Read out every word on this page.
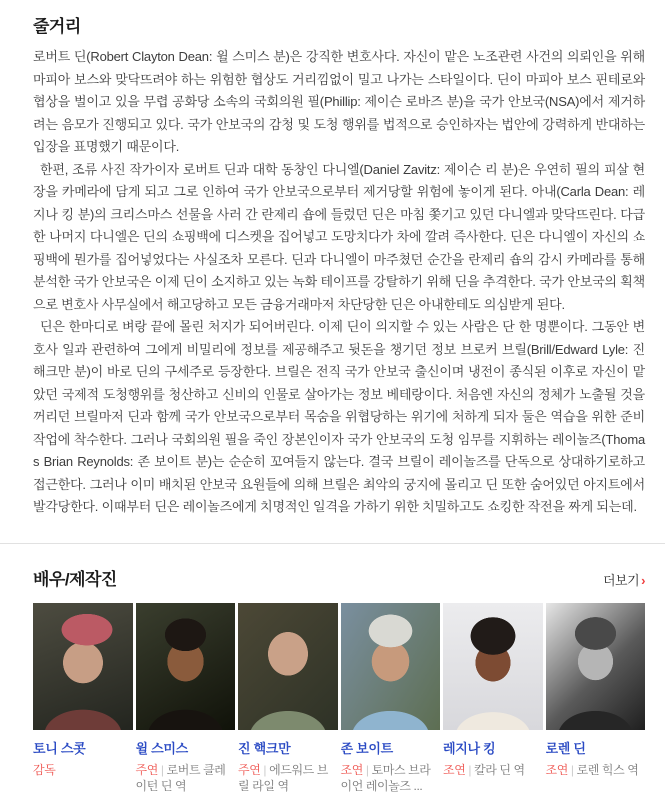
줄거리

로버트 딘(Robert Clayton Dean: 윌 스미스 분)은 강직한 변호사다. 자신이 맡은 노조관련 사건의 의뢰인을 위해 마피아 보스와 맞닥뜨려야 하는 위험한 협상도 거리낌없이 밀고 나가는 스타일이다. 딘이 마피아 보스 핀테로와 협상을 벌이고 있을 무렵 공화당 소속의 국회의원 필(Phillip: 제이슨 로바즈 분)을 국가 안보국(NSA)에서 제거하려는 음모가 진행되고 있다. 국가 안보국의 감청 및 도청 행위를 법적으로 승인하자는 법안에 강력하게 반대하는 입장을 표명했기 때문이다.

한편, 조류 사진 작가이자 로버트 딘과 대학 동창인 다니엘(Daniel Zavitz: 제이슨 리 분)은 우연히 필의 피살 현장을 카메라에 담게 되고 그로 인하여 국가 안보국으로부터 제거당할 위험에 놓이게 된다. 아내(Carla Dean: 레지나 킹 분)의 크리스마스 선물을 사러 간 란제리 숍에 들렀던 딘은 마침 쫓기고 있던 다니엘과 맞닥뜨린다. 다급한 나머지 다니엘은 딘의 쇼핑백에 디스켓을 집어넣고 도망치다가 차에 깔려 즉사한다. 딘은 다니엘이 자신의 쇼핑백에 뭔가를 집어넣었다는 사실조차 모른다. 딘과 다니엘이 마주쳤던 순간을 란제리 숍의 감시 카메라를 통해 분석한 국가 안보국은 이제 딘이 소지하고 있는 녹화 테이프를 강탈하기 위해 딘을 추격한다. 국가 안보국의 획책으로 변호사 사무실에서 해고당하고 모든 금융거래마저 차단당한 딘은 아내한테도 의심받게 된다.

딘은 한마디로 벼랑 끝에 몰린 처지가 되어버린다. 이제 딘이 의지할 수 있는 사람은 단 한 명뿐이다. 그동안 변호사 일과 관련하여 그에게 비밀리에 정보를 제공해주고 뒷돈을 챙기던 정보 브로커 브릴(Brill/Edward Lyle: 진 해크만 분)이 바로 딘의 구세주로 등장한다. 브릴은 전직 국가 안보국 출신이며 냉전이 종식된 이후로 자신이 맡았던 국제적 도청행위를 청산하고 신비의 인물로 살아가는 정보 베테랑이다. 처음엔 자신의 정체가 노출될 것을 꺼리던 브릴마저 딘과 함께 국가 안보국으로부터 목숨을 위협당하는 위기에 처하게 되자 둘은 역습을 위한 준비작업에 착수한다. 그러나 국회의원 필을 죽인 장본인이자 국가 안보국의 도청 임무를 지휘하는 레이놀즈(Thomas Brian Reynolds: 존 보이트 분)는 순순히 꼬여들지 않는다. 결국 브릴이 레이놀즈를 단독으로 상대하기로하고 접근한다. 그러나 이미 배치된 안보국 요원들에 의해 브릴은 최악의 궁지에 몰리고 딘 또한 숨어있던 아지트에서 발각당한다. 이때부터 딘은 레이놀즈에게 치명적인 일격을 가하기 위한 치밀하고도 쇼킹한 작전을 짜게 되는데.

배우/제작진	더보기 ›
토니 스콧
감독
윌 스미스
주연 | 로버트 클레이턴 딘 역
진 핵크만
주연 | 에드워드 브릴 라일 역
존 보이트
조연 | 토마스 브라이언 레이놀즈 ...
레지나 킹
조연 | 칼라 딘 역
로렌 딘
조연 | 로렌 힉스 역
